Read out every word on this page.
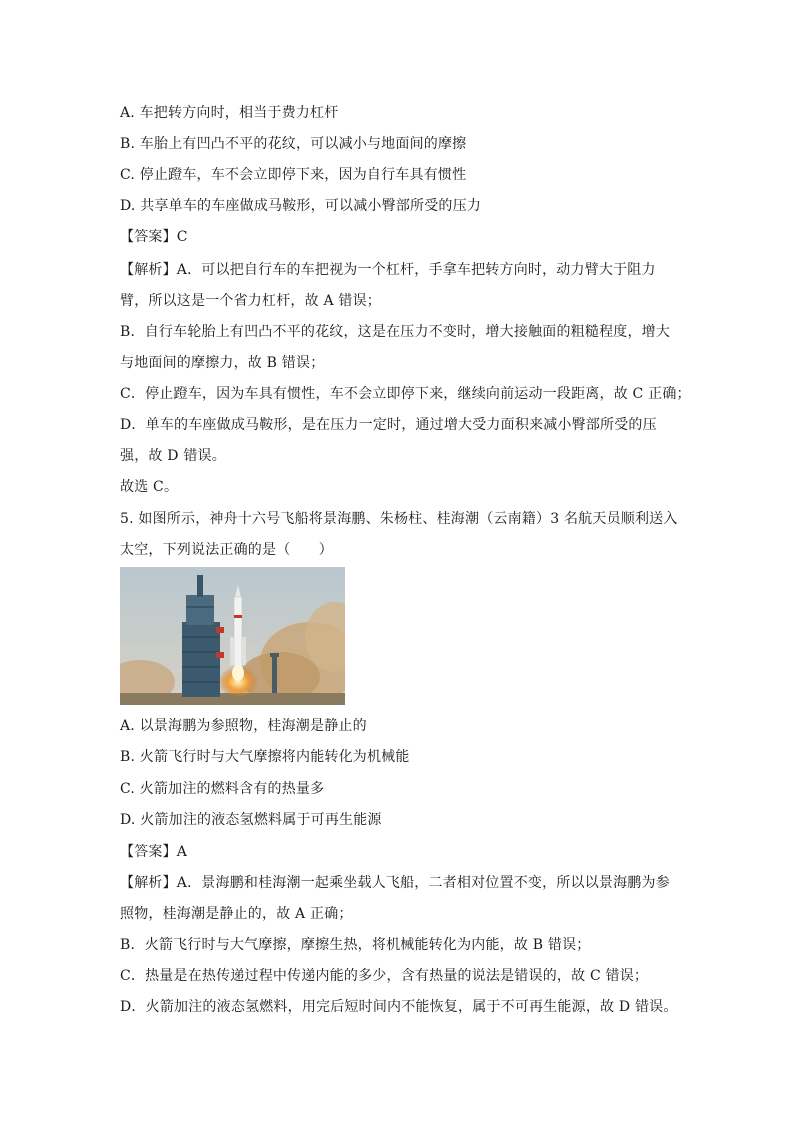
A. 车把转方向时，相当于费力杠杆
B. 车胎上有凹凸不平的花纹，可以减小与地面间的摩擦
C. 停止蹬车，车不会立即停下来，因为自行车具有惯性
D. 共享单车的车座做成马鞍形，可以减小臀部所受的压力
【答案】C
【解析】A．可以把自行车的车把视为一个杠杆，手拿车把转方向时，动力臂大于阻力
臂，所以这是一个省力杠杆，故 A 错误；
B．自行车轮胎上有凹凸不平的花纹，这是在压力不变时，增大接触面的粗糙程度，增大
与地面间的摩擦力，故 B 错误；
C．停止蹬车，因为车具有惯性，车不会立即停下来，继续向前运动一段距离，故 C 正确；
D．单车的车座做成马鞍形，是在压力一定时，通过增大受力面积来减小臀部所受的压
强，故 D 错误。
故选 C。
5. 如图所示，神舟十六号飞船将景海鹏、朱杨柱、桂海潮（云南籍）3 名航天员顺利送入
太空，下列说法正确的是（　　）
A. 以景海鹏为参照物，桂海潮是静止的
B. 火箭飞行时与大气摩擦将内能转化为机械能
C. 火箭加注的燃料含有的热量多
D. 火箭加注的液态氢燃料属于可再生能源
【答案】A
【解析】A．景海鹏和桂海潮一起乘坐载人飞船，二者相对位置不变，所以以景海鹏为参
照物，桂海潮是静止的，故 A 正确；
B．火箭飞行时与大气摩擦，摩擦生热，将机械能转化为内能，故 B 错误；
C．热量是在热传递过程中传递内能的多少，含有热量的说法是错误的，故 C 错误；
D．火箭加注的液态氢燃料，用完后短时间内不能恢复，属于不可再生能源，故 D 错误。
